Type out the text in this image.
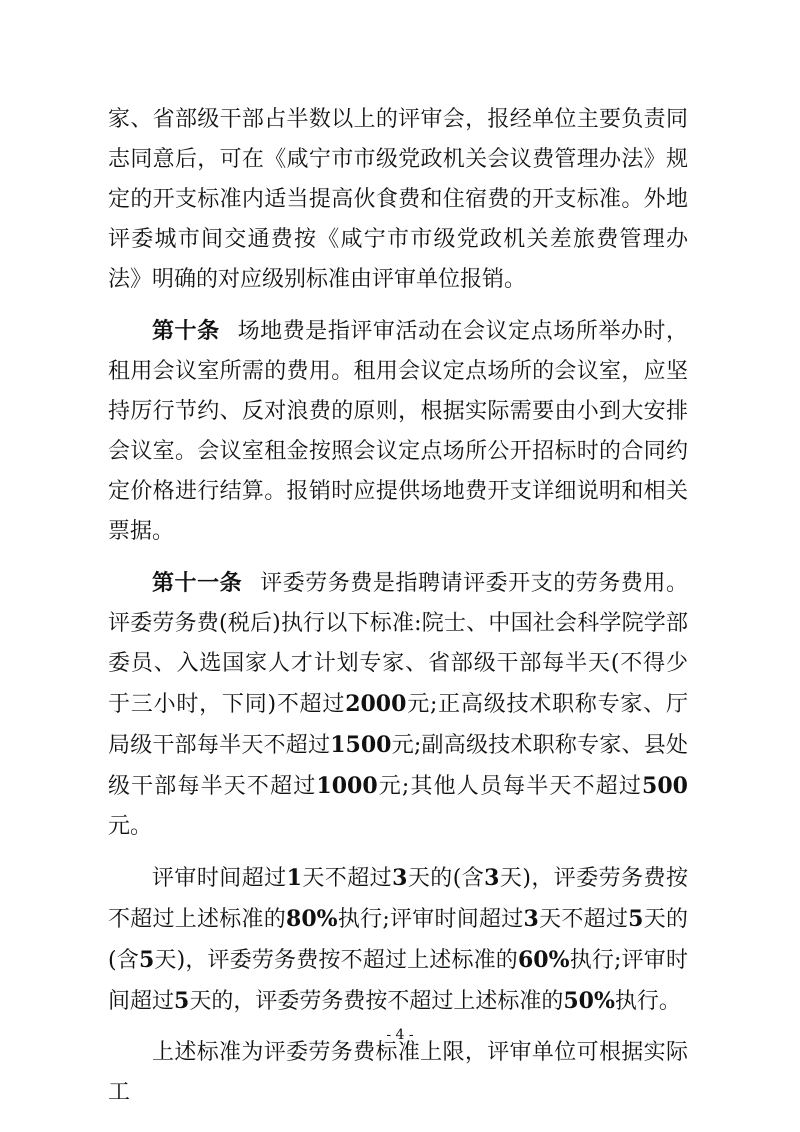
家、省部级干部占半数以上的评审会，报经单位主要负责同志同意后，可在《咸宁市市级党政机关会议费管理办法》规定的开支标准内适当提高伙食费和住宿费的开支标准。外地评委城市间交通费按《咸宁市市级党政机关差旅费管理办法》明确的对应级别标准由评审单位报销。

第十条 场地费是指评审活动在会议定点场所举办时，租用会议室所需的费用。租用会议定点场所的会议室，应坚持厉行节约、反对浪费的原则，根据实际需要由小到大安排会议室。会议室租金按照会议定点场所公开招标时的合同约定价格进行结算。报销时应提供场地费开支详细说明和相关票据。

第十一条 评委劳务费是指聘请评委开支的劳务费用。评委劳务费(税后)执行以下标准:院士、中国社会科学院学部委员、入选国家人才计划专家、省部级干部每半天(不得少于三小时，下同)不超过2000元;正高级技术职称专家、厅局级干部每半天不超过1500元;副高级技术职称专家、县处级干部每半天不超过1000元;其他人员每半天不超过500元。

评审时间超过1天不超过3天的(含3天)，评委劳务费按不超过上述标准的80%执行;评审时间超过3天不超过5天的(含5天)，评委劳务费按不超过上述标准的60%执行;评审时间超过5天的，评委劳务费按不超过上述标准的50%执行。

上述标准为评委劳务费标准上限，评审单位可根据实际工

- 4 -
